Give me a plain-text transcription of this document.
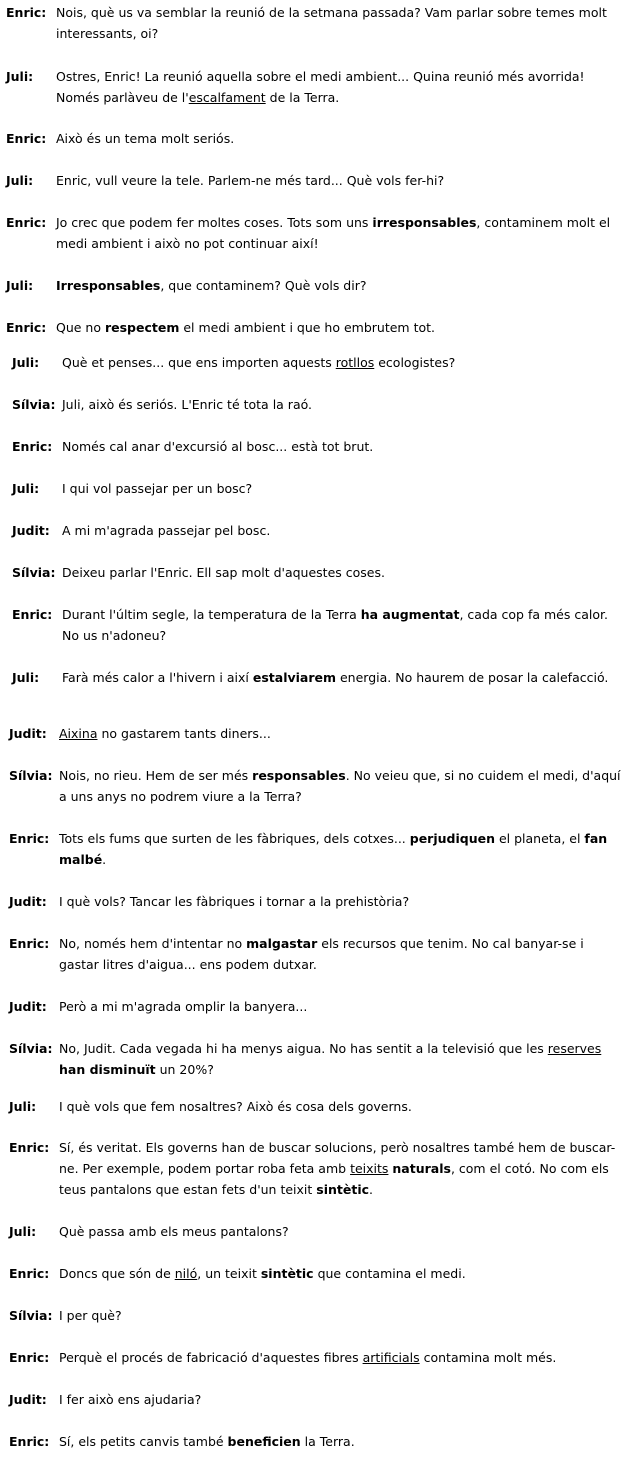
Enric: Nois, què us va semblar la reunió de la setmana passada? Vam parlar sobre temes molt interessants, oi?
Juli: Ostres, Enric! La reunió aquella sobre el medi ambient... Quina reunió més avorrida! Només parlàveu de l'escalfament de la Terra.
Enric: Això és un tema molt seriós.
Juli: Enric, vull veure la tele. Parlem-ne més tard... Què vols fer-hi?
Enric: Jo crec que podem fer moltes coses. Tots som uns irresponsables, contaminem molt el medi ambient i això no pot continuar així!
Juli: Irresponsables, que contaminem? Què vols dir?
Enric: Que no respectem el medi ambient i que ho embrutem tot.
Juli: Què et penses... que ens importen aquests rotllos ecologistes?
Sílvia: Juli, això és seriós. L'Enric té tota la raó.
Enric: Només cal anar d'excursió al bosc... està tot brut.
Juli: I qui vol passejar per un bosc?
Judit: A mi m'agrada passejar pel bosc.
Sílvia: Deixeu parlar l'Enric. Ell sap molt d'aquestes coses.
Enric: Durant l'últim segle, la temperatura de la Terra ha augmentat, cada cop fa més calor. No us n'adoneu?
Juli: Farà més calor a l'hivern i així estalviarem energia. No haurem de posar la calefacció.
Judit: Aixina no gastarem tants diners...
Sílvia: Nois, no rieu. Hem de ser més responsables. No veieu que, si no cuidem el medi, d'aquí a uns anys no podrem viure a la Terra?
Enric: Tots els fums que surten de les fàbriques, dels cotxes... perjudiquen el planeta, el fan malbé.
Judit: I què vols? Tancar les fàbriques i tornar a la prehistòria?
Enric: No, només hem d'intentar no malgastar els recursos que tenim. No cal banyar-se i gastar litres d'aigua... ens podem dutxar.
Judit: Però a mi m'agrada omplir la banyera...
Sílvia: No, Judit. Cada vegada hi ha menys aigua. No has sentit a la televisió que les reserves han disminuït un 20%?
Juli: I què vols que fem nosaltres? Això és cosa dels governs.
Enric: Sí, és veritat. Els governs han de buscar solucions, però nosaltres també hem de buscar-ne. Per exemple, podem portar roba feta amb teixits naturals, com el cotó. No com els teus pantalons que estan fets d'un teixit sintètic.
Juli: Què passa amb els meus pantalons?
Enric: Doncs que són de niló, un teixit sintètic que contamina el medi.
Sílvia: I per què?
Enric: Perquè el procés de fabricació d'aquestes fibres artificials contamina molt més.
Judit: I fer això ens ajudaria?
Enric: Sí, els petits canvis també beneficien la Terra.
